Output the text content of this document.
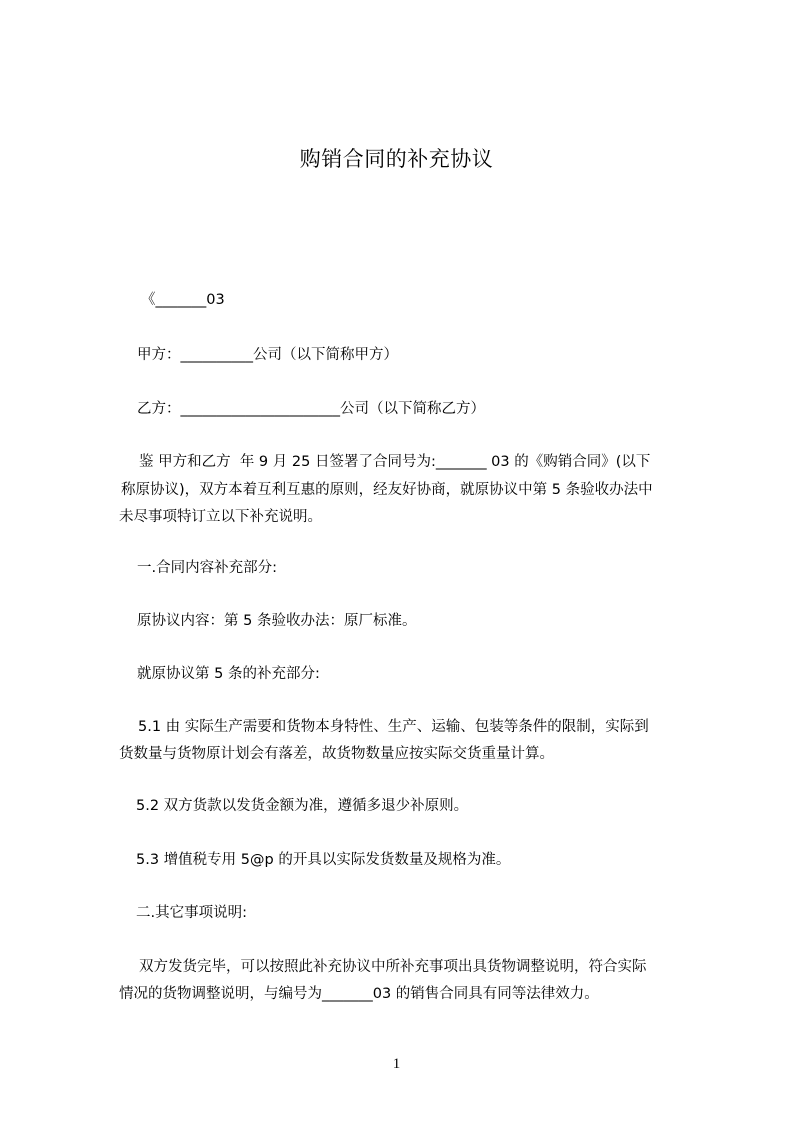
购销合同的补充协议
《_______03
甲方：__________公司（以下简称甲方）
乙方：______________________公司（以下简称乙方）
鉴 甲方和乙方  年 9 月 25 日签署了合同号为:_______ 03 的《购销合同》(以下
称原协议)，双方本着互利互惠的原则，经友好协商，就原协议中第 5 条验收办法中
未尽事项特订立以下补充说明。
一.合同内容补充部分:
原协议内容：第 5 条验收办法：原厂标准。
就原协议第 5 条的补充部分:
5.1 由 实际生产需要和货物本身特性、生产、运输、包装等条件的限制，实际到
货数量与货物原计划会有落差，故货物数量应按实际交货重量计算。
5.2 双方货款以发货金额为准，遵循多退少补原则。
5.3 增值税专用 5@p 的开具以实际发货数量及规格为准。
二.其它事项说明:
双方发货完毕，可以按照此补充协议中所补充事项出具货物调整说明，符合实际
情况的货物调整说明，与编号为_______03 的销售合同具有同等法律效力。
1
